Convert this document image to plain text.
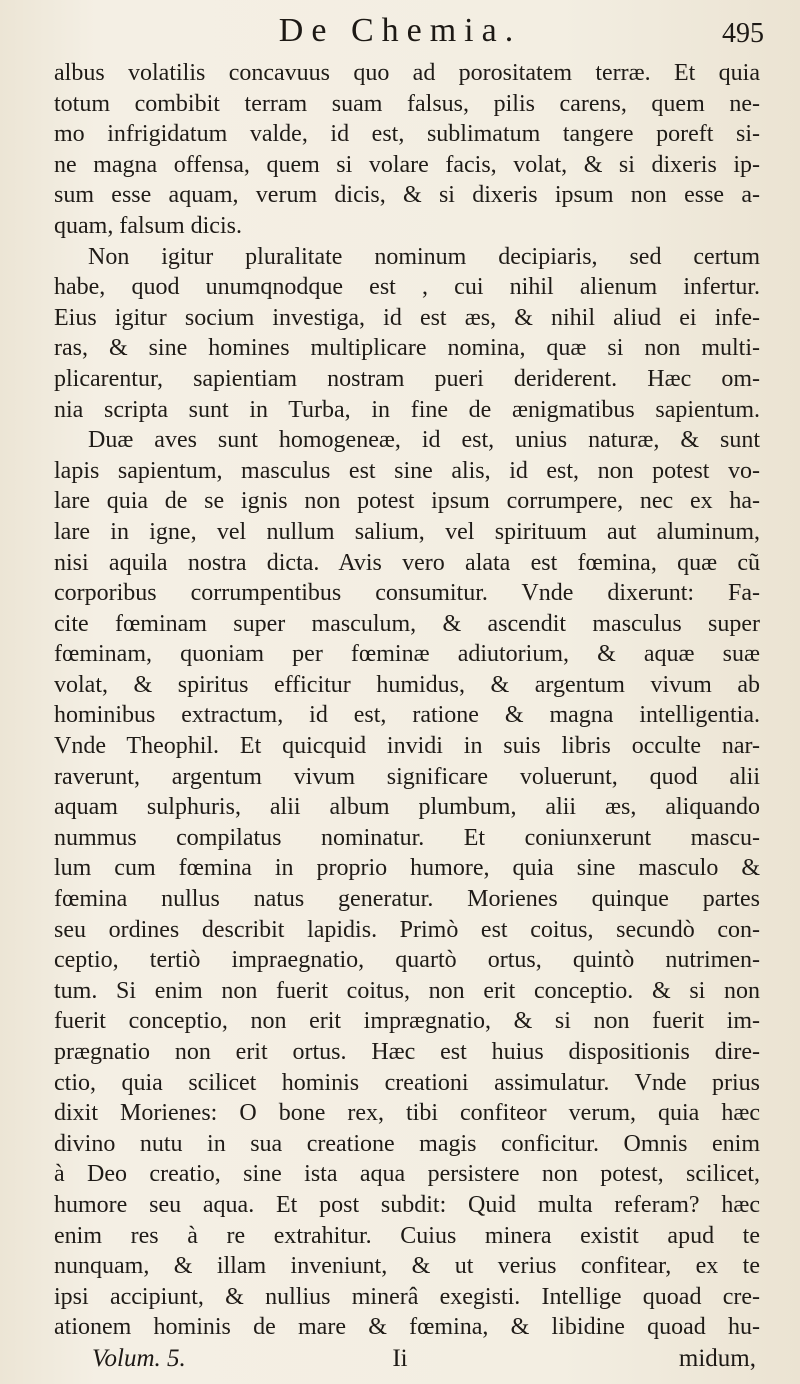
De Chemia.	495
albus volatilis concavuus quo ad porositatem terræ. Et quia
totum combibit terram suam falsus, pilis carens, quem ne-
mo infrigidatum valde, id est, sublimatum tangere poreft si-
ne magna offensa, quem si volare facis, volat, & si dixeris ip-
sum esse aquam, verum dicis, & si dixeris ipsum non esse a-
quam, falsum dicis.
Non igitur pluralitate nominum decipiaris, sed certum
habe, quod unumqnodque est , cui nihil alienum infertur.
Eius igitur socium investiga, id est æs, & nihil aliud ei infe-
ras, & sine homines multiplicare nomina, quæ si non multi-
plicarentur, sapientiam nostram pueri deriderent. Hæc om-
nia scripta sunt in Turba, in fine de ænigmatibus sapientum.
Duæ aves sunt homogeneæ, id est, unius naturæ, & sunt
lapis sapientum, masculus est sine alis, id est, non potest vo-
lare quia de se ignis non potest ipsum corrumpere, nec ex ha-
lare in igne, vel nullum salium, vel spirituum aut aluminum,
nisi aquila nostra dicta. Avis vero alata est fœmina, quæ cũ
corporibus corrumpentibus consumitur. Vnde dixerunt: Fa-
cite fœminam super masculum, & ascendit masculus super
fœminam, quoniam per fœminæ adiutorium, & aquæ suæ
volat, & spiritus efficitur humidus, & argentum vivum ab
hominibus extractum, id est, ratione & magna intelligentia.
Vnde Theophil. Et quicquid invidi in suis libris occulte nar-
raverunt, argentum vivum significare voluerunt, quod alii
aquam sulphuris, alii album plumbum, alii æs, aliquando
nummus compilatus nominatur. Et coniunxerunt mascu-
lum cum fœmina in proprio humore, quia sine masculo &
fœmina nullus natus generatur. Morienes quinque partes
seu ordines describit lapidis. Primò est coitus, secundò con-
ceptio, tertiò impraegnatio, quartò ortus, quintò nutrimen-
tum. Si enim non fuerit coitus, non erit conceptio. & si non
fuerit conceptio, non erit imprægnatio, & si non fuerit im-
prægnatio non erit ortus. Hæc est huius dispositionis dire-
ctio, quia scilicet hominis creationi assimulatur. Vnde prius
dixit Morienes: O bone rex, tibi confiteor verum, quia hæc
divino nutu in sua creatione magis conficitur. Omnis enim
à Deo creatio, sine ista aqua persistere non potest, scilicet,
humore seu aqua. Et post subdit: Quid multa referam? hæc
enim res à re extrahitur. Cuius minera existit apud te
nunquam, & illam inveniunt, & ut verius confitear, ex te
ipsi accipiunt, & nullius minerâ exegisti. Intellige quoad cre-
ationem hominis de mare & fœmina, & libidine quoad hu-
Volum. 5.	Ii	midum,
